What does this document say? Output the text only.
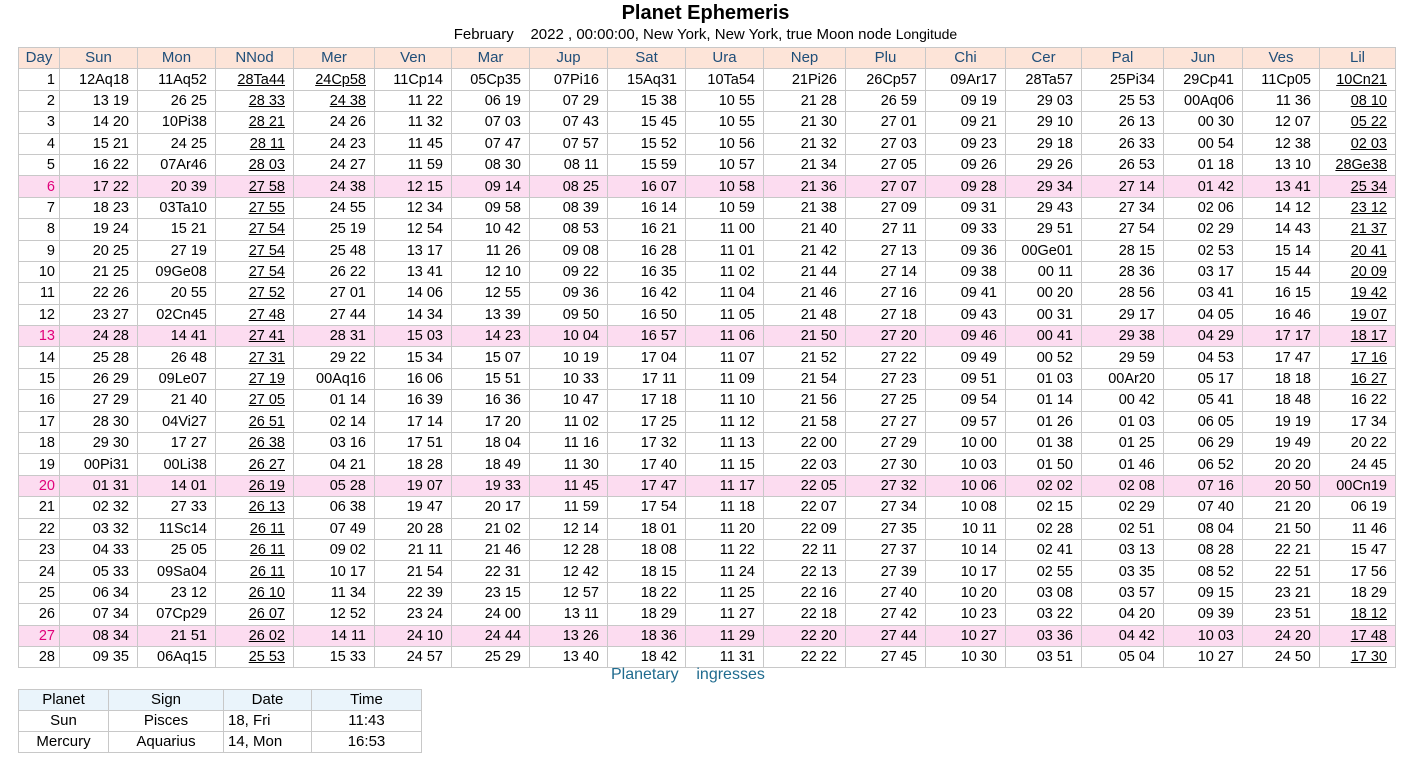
Planet Ephemeris
February 2022 , 00:00:00, New York, New York, true Moon node Longitude
Day	Sun	Mon	NNod	Mer	Ven	Mar	Jup	Sat	Ura	Nep	Plu	Chi	Cer	Pal	Jun	Ves	Lil
1	12Aq18	11Aq52	28Ta44	24Cp58	11Cp14	05Cp35	07Pi16	15Aq31	10Ta54	21Pi26	26Cp57	09Ar17	28Ta57	25Pi34	29Cp41	11Cp05	10Cn21
2	13 19	26 25	28 33	24 38	11 22	06 19	07 29	15 38	10 55	21 28	26 59	09 19	29 03	25 53	00Aq06	11 36	08 10
3	14 20	10Pi38	28 21	24 26	11 32	07 03	07 43	15 45	10 55	21 30	27 01	09 21	29 10	26 13	00 30	12 07	05 22
4	15 21	24 25	28 11	24 23	11 45	07 47	07 57	15 52	10 56	21 32	27 03	09 23	29 18	26 33	00 54	12 38	02 03
5	16 22	07Ar46	28 03	24 27	11 59	08 30	08 11	15 59	10 57	21 34	27 05	09 26	29 26	26 53	01 18	13 10	28Ge38
6	17 22	20 39	27 58	24 38	12 15	09 14	08 25	16 07	10 58	21 36	27 07	09 28	29 34	27 14	01 42	13 41	25 34
7	18 23	03Ta10	27 55	24 55	12 34	09 58	08 39	16 14	10 59	21 38	27 09	09 31	29 43	27 34	02 06	14 12	23 12
8	19 24	15 21	27 54	25 19	12 54	10 42	08 53	16 21	11 00	21 40	27 11	09 33	29 51	27 54	02 29	14 43	21 37
9	20 25	27 19	27 54	25 48	13 17	11 26	09 08	16 28	11 01	21 42	27 13	09 36	00Ge01	28 15	02 53	15 14	20 41
10	21 25	09Ge08	27 54	26 22	13 41	12 10	09 22	16 35	11 02	21 44	27 14	09 38	00 11	28 36	03 17	15 44	20 09
11	22 26	20 55	27 52	27 01	14 06	12 55	09 36	16 42	11 04	21 46	27 16	09 41	00 20	28 56	03 41	16 15	19 42
12	23 27	02Cn45	27 48	27 44	14 34	13 39	09 50	16 50	11 05	21 48	27 18	09 43	00 31	29 17	04 05	16 46	19 07
13	24 28	14 41	27 41	28 31	15 03	14 23	10 04	16 57	11 06	21 50	27 20	09 46	00 41	29 38	04 29	17 17	18 17
14	25 28	26 48	27 31	29 22	15 34	15 07	10 19	17 04	11 07	21 52	27 22	09 49	00 52	29 59	04 53	17 47	17 16
15	26 29	09Le07	27 19	00Aq16	16 06	15 51	10 33	17 11	11 09	21 54	27 23	09 51	01 03	00Ar20	05 17	18 18	16 27
16	27 29	21 40	27 05	01 14	16 39	16 36	10 47	17 18	11 10	21 56	27 25	09 54	01 14	00 42	05 41	18 48	16 22
17	28 30	04Vi27	26 51	02 14	17 14	17 20	11 02	17 25	11 12	21 58	27 27	09 57	01 26	01 03	06 05	19 19	17 34
18	29 30	17 27	26 38	03 16	17 51	18 04	11 16	17 32	11 13	22 00	27 29	10 00	01 38	01 25	06 29	19 49	20 22
19	00Pi31	00Li38	26 27	04 21	18 28	18 49	11 30	17 40	11 15	22 03	27 30	10 03	01 50	01 46	06 52	20 20	24 45
20	01 31	14 01	26 19	05 28	19 07	19 33	11 45	17 47	11 17	22 05	27 32	10 06	02 02	02 08	07 16	20 50	00Cn19
21	02 32	27 33	26 13	06 38	19 47	20 17	11 59	17 54	11 18	22 07	27 34	10 08	02 15	02 29	07 40	21 20	06 19
22	03 32	11Sc14	26 11	07 49	20 28	21 02	12 14	18 01	11 20	22 09	27 35	10 11	02 28	02 51	08 04	21 50	11 46
23	04 33	25 05	26 11	09 02	21 11	21 46	12 28	18 08	11 22	22 11	27 37	10 14	02 41	03 13	08 28	22 21	15 47
24	05 33	09Sa04	26 11	10 17	21 54	22 31	12 42	18 15	11 24	22 13	27 39	10 17	02 55	03 35	08 52	22 51	17 56
25	06 34	23 12	26 10	11 34	22 39	23 15	12 57	18 22	11 25	22 16	27 40	10 20	03 08	03 57	09 15	23 21	18 29
26	07 34	07Cp29	26 07	12 52	23 24	24 00	13 11	18 29	11 27	22 18	27 42	10 23	03 22	04 20	09 39	23 51	18 12
27	08 34	21 51	26 02	14 11	24 10	24 44	13 26	18 36	11 29	22 20	27 44	10 27	03 36	04 42	10 03	24 20	17 48
28	09 35	06Aq15	25 53	15 33	24 57	25 29	13 40	18 42	11 31	22 22	27 45	10 30	03 51	05 04	10 27	24 50	17 30
Planetary ingresses
Planet	Sign	Date	Time
Sun	Pisces	18, Fri	11:43
Mercury	Aquarius	14, Mon	16:53
